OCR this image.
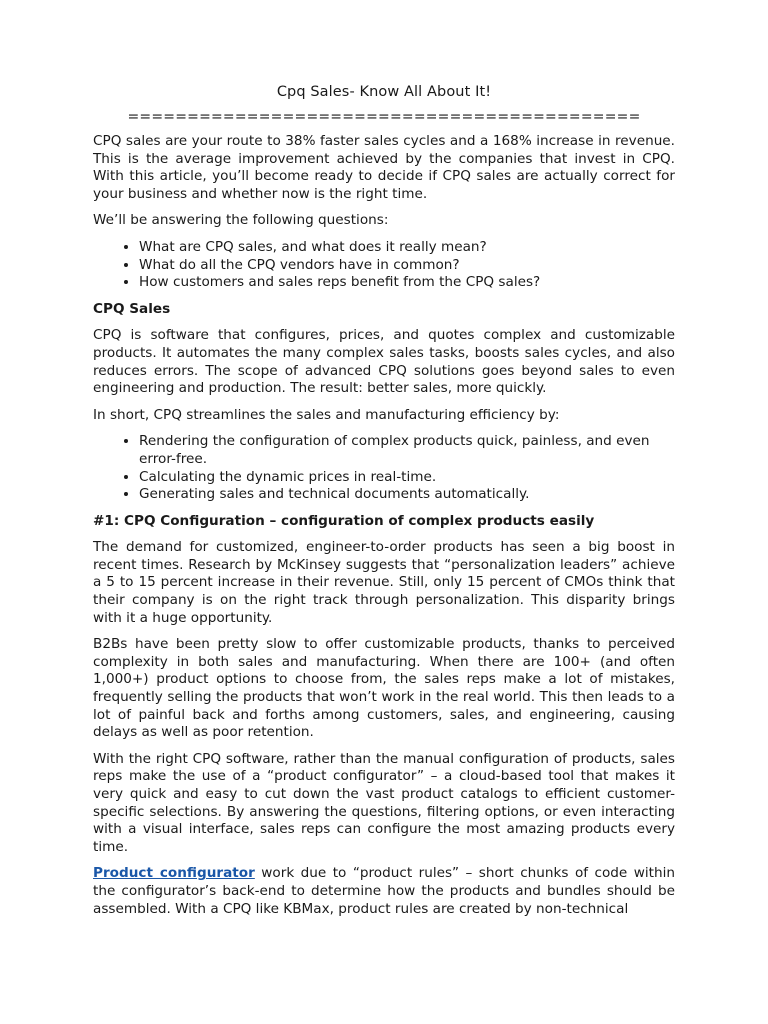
Cpq Sales- Know All About It!
===========================================

CPQ sales are your route to 38% faster sales cycles and a 168% increase in revenue. This is the average improvement achieved by the companies that invest in CPQ. With this article, you’ll become ready to decide if CPQ sales are actually correct for your business and whether now is the right time.

We’ll be answering the following questions:

• What are CPQ sales, and what does it really mean?
• What do all the CPQ vendors have in common?
• How customers and sales reps benefit from the CPQ sales?
CPQ Sales

CPQ is software that configures, prices, and quotes complex and customizable products. It automates the many complex sales tasks, boosts sales cycles, and also reduces errors. The scope of advanced CPQ solutions goes beyond sales to even engineering and production. The result: better sales, more quickly.

In short, CPQ streamlines the sales and manufacturing efficiency by:

• Rendering the configuration of complex products quick, painless, and even error-free.
• Calculating the dynamic prices in real-time.
• Generating sales and technical documents automatically.
#1: CPQ Configuration – configuration of complex products easily

The demand for customized, engineer-to-order products has seen a big boost in recent times. Research by McKinsey suggests that “personalization leaders” achieve a 5 to 15 percent increase in their revenue. Still, only 15 percent of CMOs think that their company is on the right track through personalization. This disparity brings with it a huge opportunity.

B2Bs have been pretty slow to offer customizable products, thanks to perceived complexity in both sales and manufacturing. When there are 100+ (and often 1,000+) product options to choose from, the sales reps make a lot of mistakes, frequently selling the products that won’t work in the real world. This then leads to a lot of painful back and forths among customers, sales, and engineering, causing delays as well as poor retention.

With the right CPQ software, rather than the manual configuration of products, sales reps make the use of a “product configurator” – a cloud-based tool that makes it very quick and easy to cut down the vast product catalogs to efficient customer-specific selections. By answering the questions, filtering options, or even interacting with a visual interface, sales reps can configure the most amazing products every time.

Product configurator work due to “product rules” – short chunks of code within the configurator’s back-end to determine how the products and bundles should be assembled. With a CPQ like KBMax, product rules are created by non-technical
